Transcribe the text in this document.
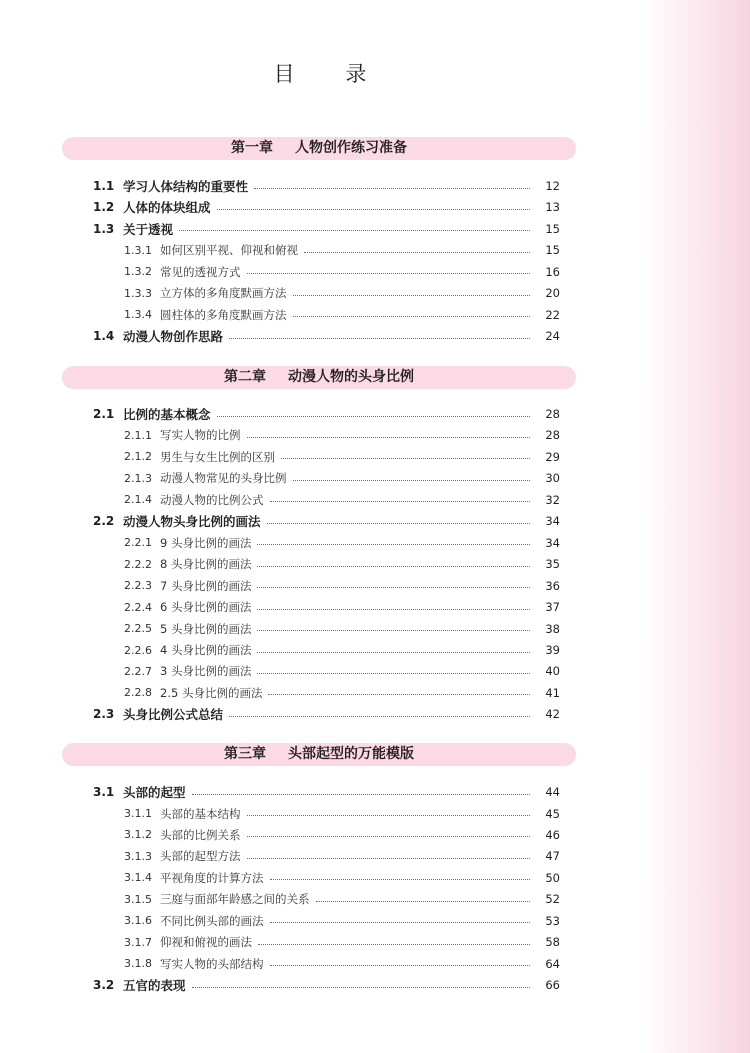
目 录
第一章 人物创作练习准备
1.1 学习人体结构的重要性	12
1.2 人体的体块组成	13
1.3 关于透视	15
1.3.1 如何区别平视、仰视和俯视	15
1.3.2 常见的透视方式	16
1.3.3 立方体的多角度默画方法	20
1.3.4 圆柱体的多角度默画方法	22
1.4 动漫人物创作思路	24
第二章 动漫人物的头身比例
2.1 比例的基本概念	28
2.1.1 写实人物的比例	28
2.1.2 男生与女生比例的区别	29
2.1.3 动漫人物常见的头身比例	30
2.1.4 动漫人物的比例公式	32
2.2 动漫人物头身比例的画法	34
2.2.1 9 头身比例的画法	34
2.2.2 8 头身比例的画法	35
2.2.3 7 头身比例的画法	36
2.2.4 6 头身比例的画法	37
2.2.5 5 头身比例的画法	38
2.2.6 4 头身比例的画法	39
2.2.7 3 头身比例的画法	40
2.2.8 2.5 头身比例的画法	41
2.3 头身比例公式总结	42
第三章 头部起型的万能模版
3.1 头部的起型	44
3.1.1 头部的基本结构	45
3.1.2 头部的比例关系	46
3.1.3 头部的起型方法	47
3.1.4 平视角度的计算方法	50
3.1.5 三庭与面部年龄感之间的关系	52
3.1.6 不同比例头部的画法	53
3.1.7 仰视和俯视的画法	58
3.1.8 写实人物的头部结构	64
3.2 五官的表现	66
